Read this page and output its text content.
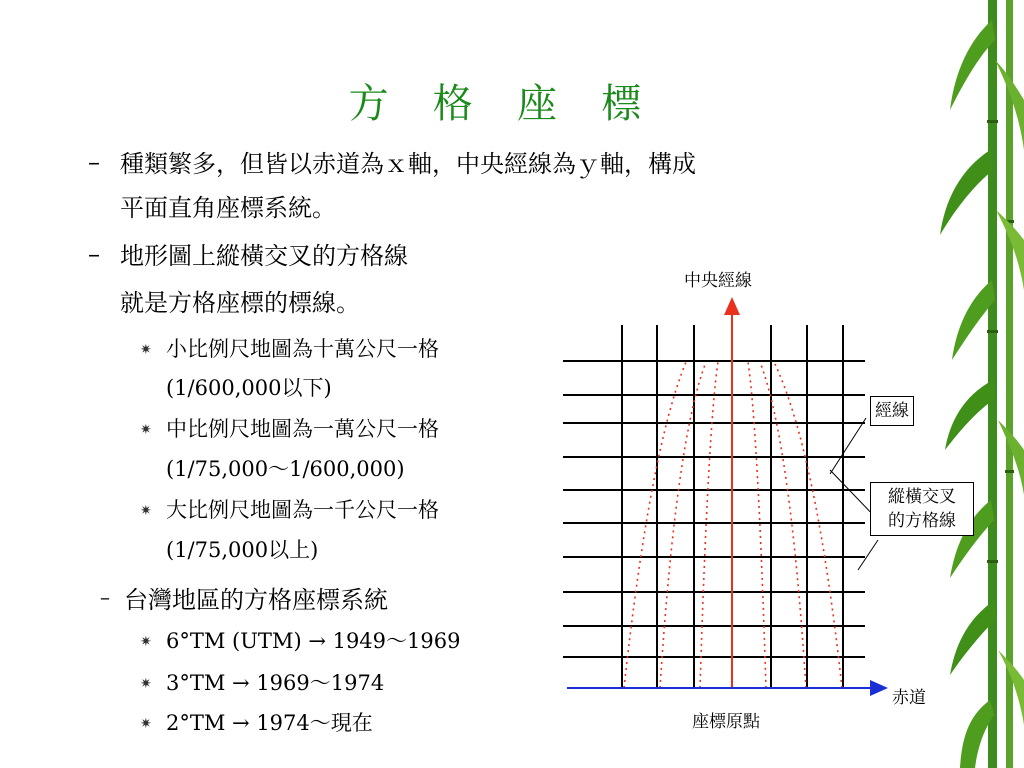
方 格 座 標
– 種類繁多，但皆以赤道為ｘ軸，中央經線為ｙ軸，構成
平面直角座標系統。
– 地形圖上縱橫交叉的方格線
就是方格座標的標線。
✷ 小比例尺地圖為十萬公尺一格
(1/600,000以下)
✷ 中比例尺地圖為一萬公尺一格
(1/75,000～1/600,000)
✷ 大比例尺地圖為一千公尺一格
(1/75,000以上)
– 台灣地區的方格座標系統
✷ 6°TM (UTM) → 1949～1969
✷ 3°TM → 1969～1974
✷ 2°TM → 1974～現在
中央經線
經線
縱橫交叉
的方格線
赤道
座標原點
